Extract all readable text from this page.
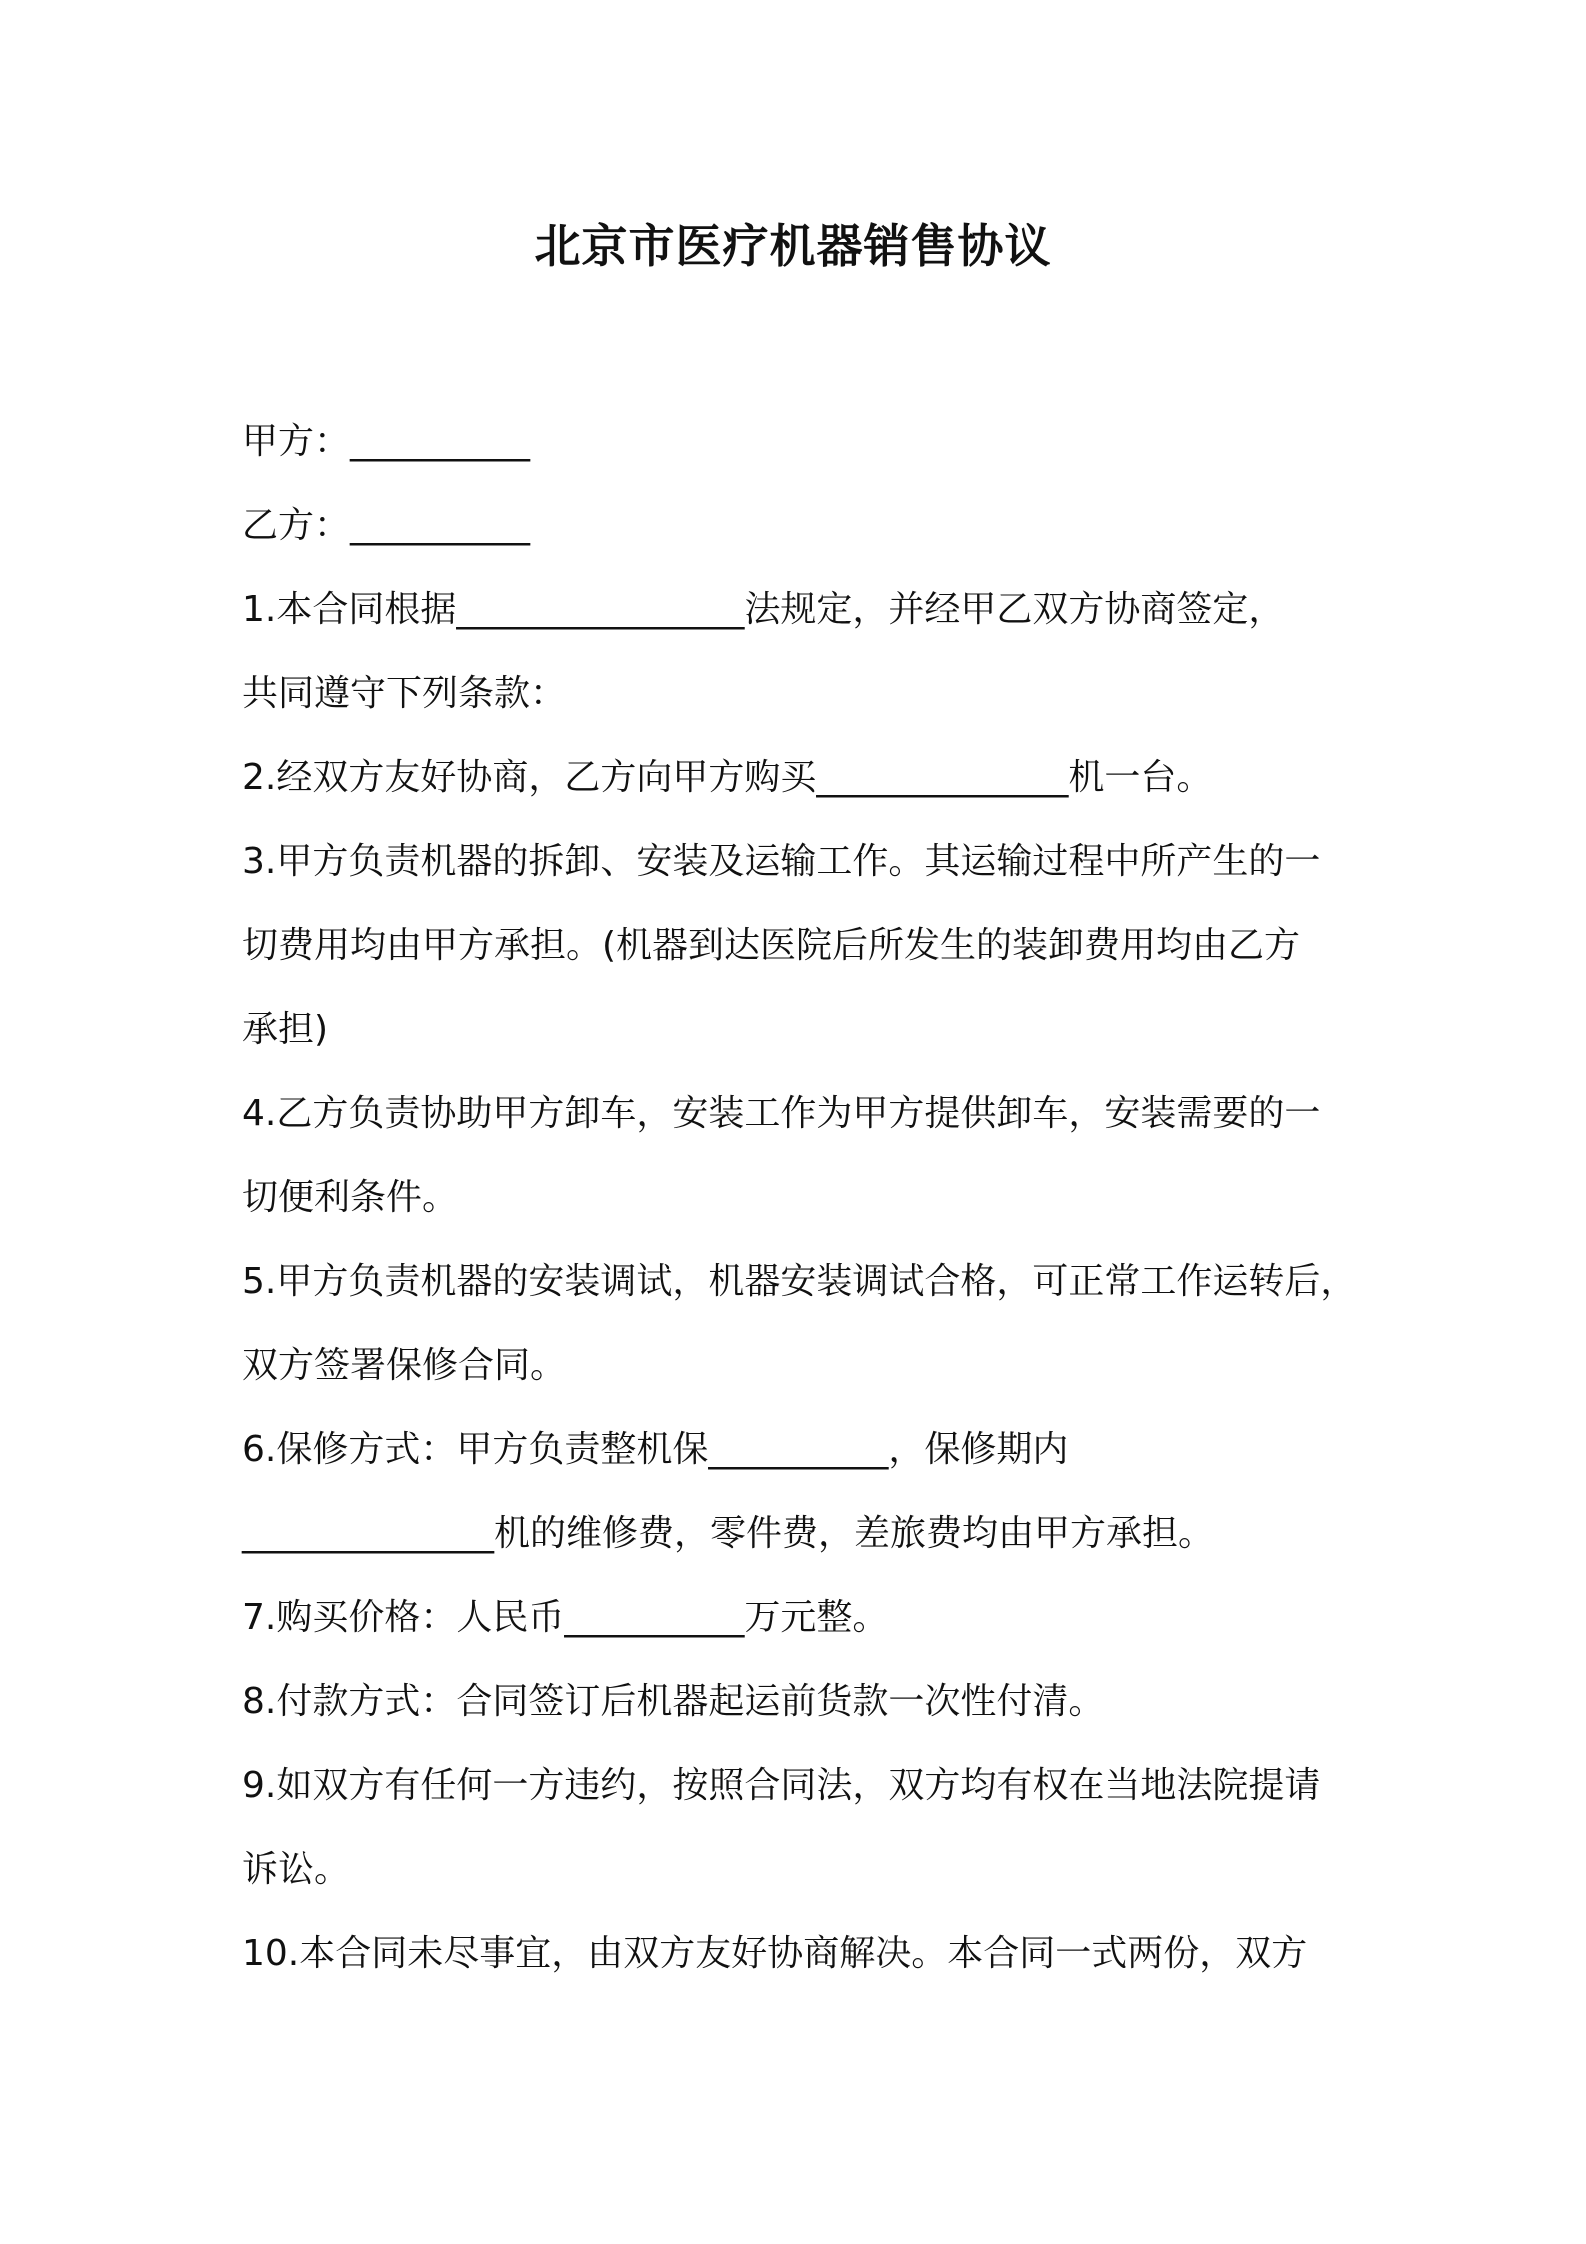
北京市医疗机器销售协议
甲方：__________
乙方：__________
1.本合同根据________________法规定，并经甲乙双方协商签定，
共同遵守下列条款：
2.经双方友好协商，乙方向甲方购买______________机一台。
3.甲方负责机器的拆卸、安装及运输工作。其运输过程中所产生的一
切费用均由甲方承担。(机器到达医院后所发生的装卸费用均由乙方
承担)
4.乙方负责协助甲方卸车，安装工作为甲方提供卸车，安装需要的一
切便利条件。
5.甲方负责机器的安装调试，机器安装调试合格，可正常工作运转后，
双方签署保修合同。
6.保修方式：甲方负责整机保__________，保修期内
______________机的维修费，零件费，差旅费均由甲方承担。
7.购买价格：人民币__________万元整。
8.付款方式：合同签订后机器起运前货款一次性付清。
9.如双方有任何一方违约，按照合同法，双方均有权在当地法院提请
诉讼。
10.本合同未尽事宜，由双方友好协商解决。本合同一式两份，双方
